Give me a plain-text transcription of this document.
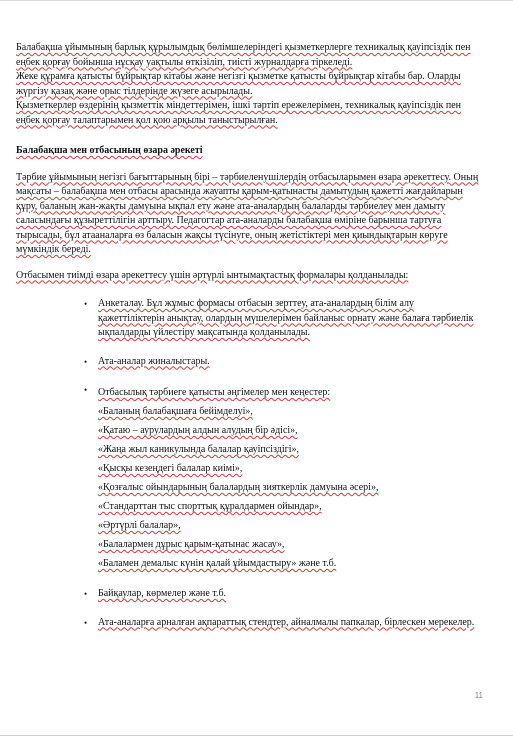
Балабақша ұйымының барлық құрылымдық бөлімшелеріндегі қызметкерлерге техникалық қауіпсіздік пен еңбек қорғау бойынша нұсқау уақтылы өткізіліп, тиісті журналдарға тіркеледі.

Жеке құрамға қатысты бұйрықтар кітабы және негізгі қызметке қатысты бұйрықтар кітабы бар. Оларды жүргізу қазақ және орыс тілдерінде жүзеге асырылады.

Қызметкерлер өздерінің қызметтік міндеттерімен, ішкі тәртіп ережелерімен, техникалық қауіпсіздік пен еңбек қорғау талаптарымен қол қою арқылы таныстырылған.

Балабақша мен отбасының өзара әрекеті

Тәрбие ұйымының негізгі бағыттарының бірі – тәрбиеленушілердің отбасыларымен өзара әрекеттесу. Оның мақсаты – балабақша мен отбасы арасында жауапты қарым-қатынасты дамытудың қажетті жағдайларын құру, баланың жан-жақты дамуына ықпал ету және ата-аналардың балаларды тәрбиелеу мен дамыту саласындағы құзыреттілігін арттыру. Педагогтар ата-аналарды балабақша өміріне барынша тартуға тырысады, бұл атааналарға өз баласын жақсы түсінуге, оның жетістіктері мен қиындықтарын көруге мүмкіндік береді.

Отбасымен тиімді өзара әрекеттесу үшін әртүрлі ынтымақтастық формалары қолданылады:

• Анкеталау. Бұл жұмыс формасы отбасын зерттеу, ата-аналардың білім алу қажеттіліктерін анықтау, олардың мүшелерімен байланыс орнату және балаға тәрбиелік ықпалдарды үйлестіру мақсатында қолданылады.
• Ата-аналар жиналыстары.
• Отбасылық тәрбиеге қатысты әңгімелер мен кеңестер:
«Баланың балабақшаға бейімделуі»,
«Қатаю – аурулардың алдын алудың бір әдісі»,
«Жаңа жыл каникулында балалар қауіпсіздігі»,
«Қысқы кезеңдегі балалар киімі»,
«Қозғалыс ойындарының балалардың зияткерлік дамуына әсері»,
«Стандарттан тыс спорттық құралдармен ойындар»,
«Әртүрлі балалар»,
«Балалармен дұрыс қарым-қатынас жасау»,
«Баламен демалыс күнін қалай ұйымдастыру» және т.б.
• Байқаулар, көрмелер және т.б.
• Ата-аналарға арналған ақпараттық стендтер, айналмалы папкалар, бірлескен мерекелер.
11
